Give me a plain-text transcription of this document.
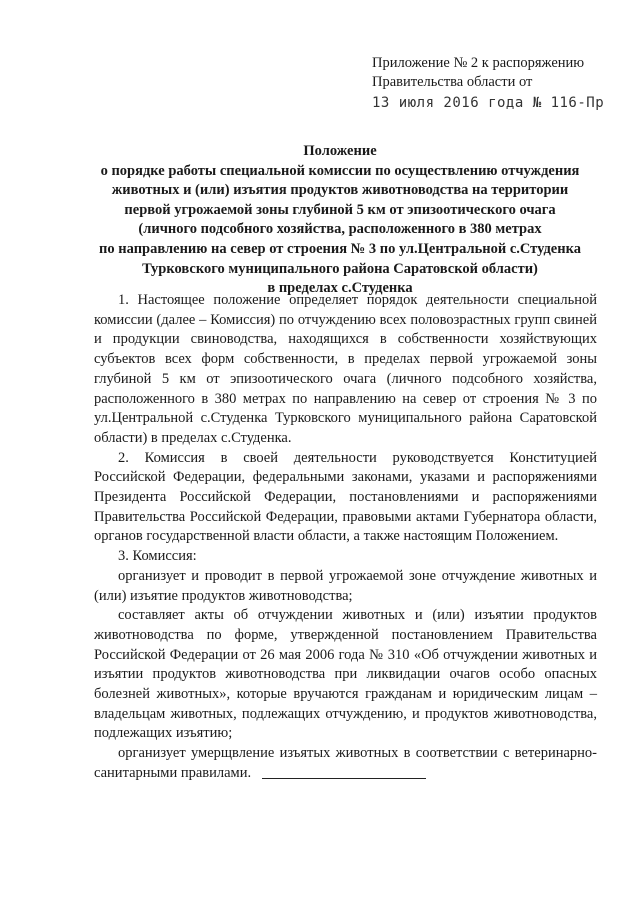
Приложение № 2 к распоряжению
Правительства области от
13 июля 2016 года № 116-Пр
Положение
о порядке работы специальной комиссии по осуществлению отчуждения
животных и (или) изъятия продуктов животноводства на территории
первой угрожаемой зоны глубиной 5 км от эпизоотического очага
(личного подсобного хозяйства, расположенного в 380 метрах
по направлению на север от строения № 3 по ул.Центральной с.Студенка
Турковского муниципального района Саратовской области)
в пределах с.Студенка

1. Настоящее положение определяет порядок деятельности специальной комиссии (далее – Комиссия) по отчуждению всех половозрастных групп свиней и продукции свиноводства, находящихся в собственности хозяйствующих субъектов всех форм собственности, в пределах первой угрожаемой зоны глубиной 5 км от эпизоотического очага (личного подсобного хозяйства, расположенного в 380 метрах по направлению на север от строения № 3 по ул.Центральной с.Студенка Турковского муниципального района Саратовской области) в пределах с.Студенка.

2. Комиссия в своей деятельности руководствуется Конституцией Российской Федерации, федеральными законами, указами и распоряжениями Президента Российской Федерации, постановлениями и распоряжениями Правительства Российской Федерации, правовыми актами Губернатора области, органов государственной власти области, а также настоящим Положением.

3. Комиссия:

организует и проводит в первой угрожаемой зоне отчуждение животных и (или) изъятие продуктов животноводства;

составляет акты об отчуждении животных и (или) изъятии продуктов животноводства по форме, утвержденной постановлением Правительства Российской Федерации от 26 мая 2006 года № 310 «Об отчуждении животных и изъятии продуктов животноводства при ликвидации очагов особо опасных болезней животных», которые вручаются гражданам и юридическим лицам – владельцам животных, подлежащих отчуждению, и продуктов животноводства, подлежащих изъятию;

организует умерщвление изъятых животных в соответствии с ветеринарно-санитарными правилами.
